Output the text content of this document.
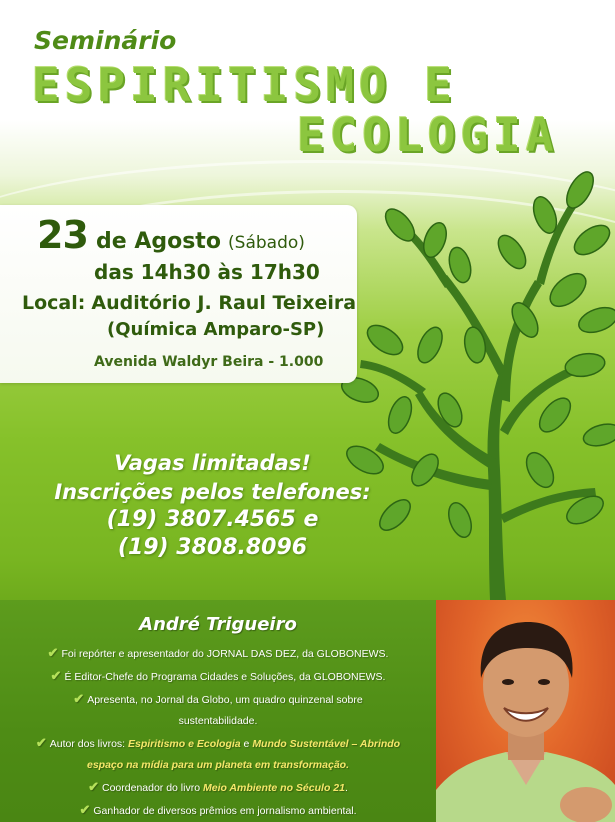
Seminário
ESPIRITISMO E
ECOLOGIA
23 de Agosto (Sábado)
das 14h30 às 17h30
Local: Auditório J. Raul Teixeira
(Química Amparo-SP)
Avenida Waldyr Beira - 1.000
Vagas limitadas!
Inscrições pelos telefones:
(19) 3807.4565 e
(19) 3808.8096
André Trigueiro
✔ Foi repórter e apresentador do JORNAL DAS DEZ, da GLOBONEWS.
✔ É Editor-Chefe do Programa Cidades e Soluções, da GLOBONEWS.
✔ Apresenta, no Jornal da Globo, um quadro quinzenal sobre
sustentabilidade.
✔ Autor dos livros: Espiritismo e Ecologia e Mundo Sustentável – Abrindo
espaço na mídia para um planeta em transformação.
✔ Coordenador do livro Meio Ambiente no Século 21.
✔ Ganhador de diversos prêmios em jornalismo ambiental.
